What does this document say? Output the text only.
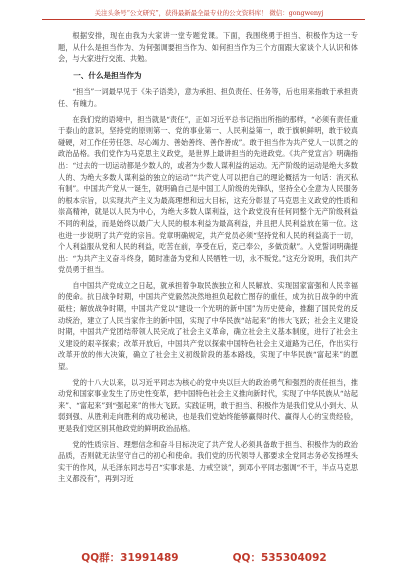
关注头条号“公文研究”，获得最新最全最专业的公文资料库！ 微信：gongwenyj

根据安排，现在由我为大家讲一堂专题党课。下面，我围绕勇于担当、积极作为这一专题，从什么是担当作为、为何强调要担当作为、如何担当作为三个方面跟大家谈个人认识和体会，与大家进行交流、共勉。

一、什么是担当作为

“担当”一词最早见于《朱子语类》，意为承担、担负责任、任务等，后也用来指敢于承担责任、有魄力。

在我们党的语境中，担当就是“责任”，正如习近平总书记指出所指的那样，“必须有责任重于泰山的意识，坚持党的原则第一、党的事业第一、人民利益第一，敢于旗帜鲜明，敢于较真碰硬，对工作任劳任怨、尽心竭力、善始善终、善作善成”。敢于担当作为共产党人一以贯之的政治品格。我们党作为马克思主义政党，是世界上最讲担当的先进政党。《共产党宣言》明确指出：“过去的一切运动都是少数人的，或者为少数人谋利益的运动。无产阶级的运动是绝大多数人的、为绝大多数人谋利益的独立的运动”“共产党人可以把自己的理论概括为一句话：消灭私有制”。中国共产党从一诞生，就明确自己是中国工人阶级的先锋队，坚持全心全意为人民服务的根本宗旨，以实现共产主义为最高理想和远大目标，这充分彰显了马克思主义政党的性质和崇高精神，就是以人民为中心，为绝大多数人谋利益，这个政党没有任何同整个无产阶级利益不同的利益，而是始终以最广大人民的根本利益为最高利益，并且把人民利益放在第一位。这也进一步说明了共产党的宗旨。党章明确规定，共产党员必须“坚持党和人民的利益高于一切，个人利益服从党和人民的利益，吃苦在前，享受在后，克己奉公，多做贡献”。入党誓词明确提出：“为共产主义奋斗终身，随时准备为党和人民牺牲一切，永不叛党。”这充分说明，我们共产党员勇于担当。

自中国共产党成立之日起，就承担着争取民族独立和人民解放、实现国家富强和人民幸福的使命。抗日战争时期，中国共产党毅然决然地担负起救亡图存的重任，成为抗日战争的中流砥柱；解放战争时期，中国共产党以“建设一个光明的新中国”为历史使命，推翻了国民党的反动统治，建立了人民当家作主的新中国，实现了中华民族“站起来”的伟大飞跃；社会主义建设时期，中国共产党团结带领人民完成了社会主义革命，确立社会主义基本制度，进行了社会主义建设的艰辛探索；改革开放后，中国共产党以探索中国特色社会主义道路为己任，作出实行改革开放的伟大决策，确立了社会主义初级阶段的基本路线，实现了中华民族“富起来”的愿望。

党的十八大以来，以习近平同志为核心的党中央以巨大的政治勇气和强烈的责任担当，推动党和国家事业发生了历史性变革，把中国特色社会主义推向新时代，实现了中华民族从“站起来”、“富起来”到“强起来”的伟大飞跃。实践证明，敢于担当、积极作为是我们党从小到大、从弱到强、从胜利走向胜利的成功秘诀，也是我们党始终能够赢得时代、赢得人心的宝贵经验，更是我们党区别其他政党的鲜明政治品格。

党的性质宗旨、理想信念和奋斗目标决定了共产党人必须具备敢于担当、积极作为的政治品质，否则就无法坚守自己的初心和使命。我们党的历代领导人都要求全党同志务必发扬埋头实干的作风，从毛泽东同志号召“实事求是、力戒空谈”，到邓小平同志强调“不干，半点马克思主义都没有”，再到习近

QQ群：31991489	QQ：535304092
